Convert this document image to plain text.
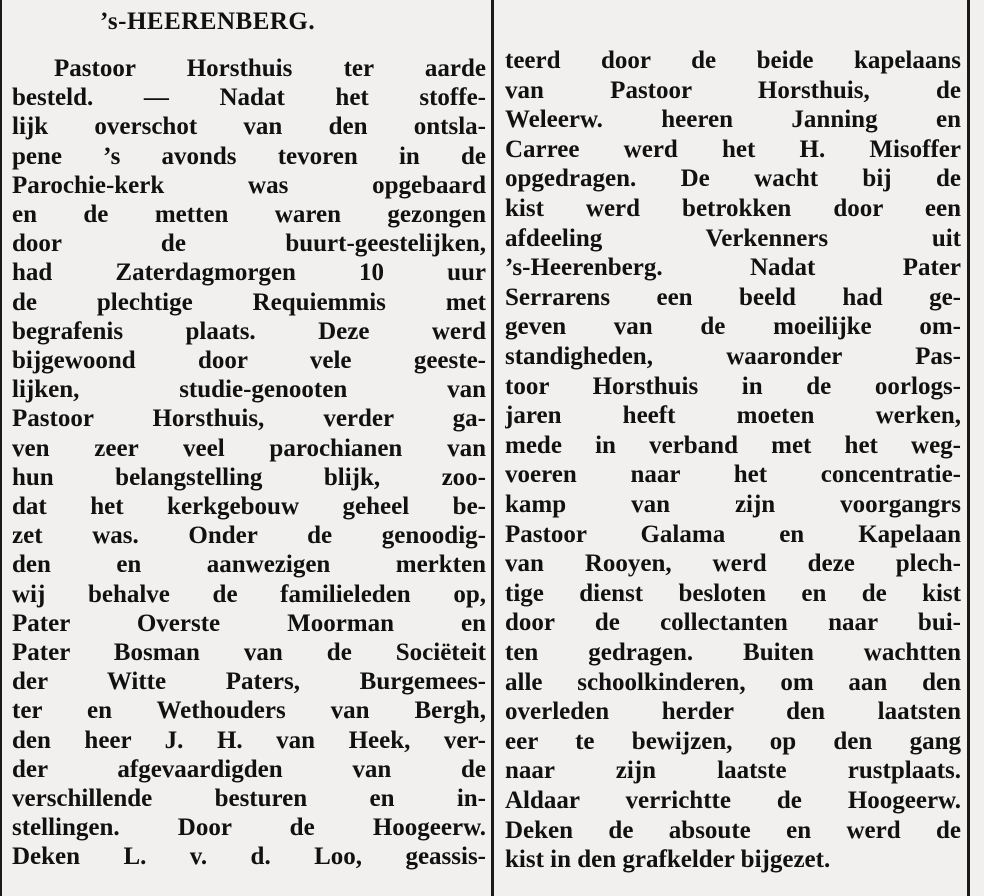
’s-HEERENBERG.
Pastoor Horsthuis ter aarde
besteld. — Nadat het stoffe-
lijk overschot van den ontsla-
pene ’s avonds tevoren in de
Parochie-kerk was opgebaard
en de metten waren gezongen
door de buurt-geestelijken,
had Zaterdagmorgen 10 uur
de plechtige Requiemmis met
begrafenis plaats. Deze werd
bijgewoond door vele geeste-
lijken, studie-genooten van
Pastoor Horsthuis, verder ga-
ven zeer veel parochianen van
hun belangstelling blijk, zoo-
dat het kerkgebouw geheel be-
zet was. Onder de genoodig-
den en aanwezigen merkten
wij behalve de familieleden op,
Pater Overste Moorman en
Pater Bosman van de Sociëteit
der Witte Paters, Burgemees-
ter en Wethouders van Bergh,
den heer J. H. van Heek, ver-
der afgevaardigden van de
verschillende besturen en in-
stellingen. Door de Hoogeerw.
Deken L. v. d. Loo, geassis-
teerd door de beide kapelaans
van Pastoor Horsthuis, de
Weleerw. heeren Janning en
Carree werd het H. Misoffer
opgedragen. De wacht bij de
kist werd betrokken door een
afdeeling Verkenners uit
’s-Heerenberg. Nadat Pater
Serrarens een beeld had ge-
geven van de moeilijke om-
standigheden, waaronder Pas-
toor Horsthuis in de oorlogs-
jaren heeft moeten werken,
mede in verband met het weg-
voeren naar het concentratie-
kamp van zijn voorgangrs
Pastoor Galama en Kapelaan
van Rooyen, werd deze plech-
tige dienst besloten en de kist
door de collectanten naar bui-
ten gedragen. Buiten wachtten
alle schoolkinderen, om aan den
overleden herder den laatsten
eer te bewijzen, op den gang
naar zijn laatste rustplaats.
Aldaar verrichtte de Hoogeerw.
Deken de absoute en werd de
kist in den grafkelder bijgezet.
